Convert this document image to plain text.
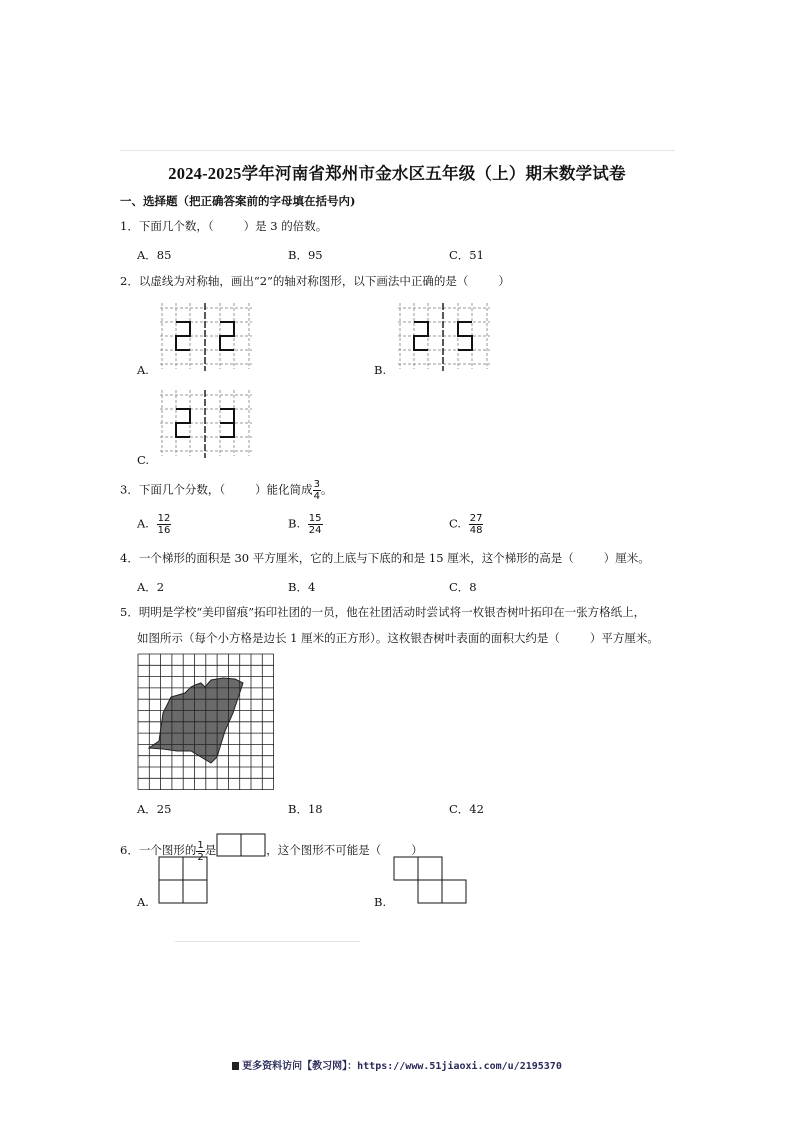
2024-2025学年河南省郑州市金水区五年级（上）期末数学试卷
一、选择题（把正确答案前的字母填在括号内)
1．下面几个数，（	）是 3 的倍数。
A．85	B．95	C．51
2．以虚线为对称轴，画出“2”的轴对称图形，以下画法中正确的是（	）
A.	B.
C.
3．下面几个分数，（	）能化简成 $\frac{3}{4}$ 。
A. $\frac{12}{16}$	B. $\frac{15}{24}$	C. $\frac{27}{48}$
4．一个梯形的面积是 30 平方厘米，它的上底与下底的和是 15 厘米，这个梯形的高是（	）厘米。
A．2	B．4	C．8
5．明明是学校“美印留痕”拓印社团的一员，他在社团活动时尝试将一枚银杏树叶拓印在一张方格纸上，
如图所示（每个小方格是边长 1 厘米的正方形）。这枚银杏树叶表面的面积大约是（	）平方厘米。
A．25	B．18	C．42
6．一个图形的 $\frac{1}{2}$ 是	，这个图形不可能是（	）
A.	B.
更多资料访问【教习网】：https://www.51jiaoxi.com/u/2195370
